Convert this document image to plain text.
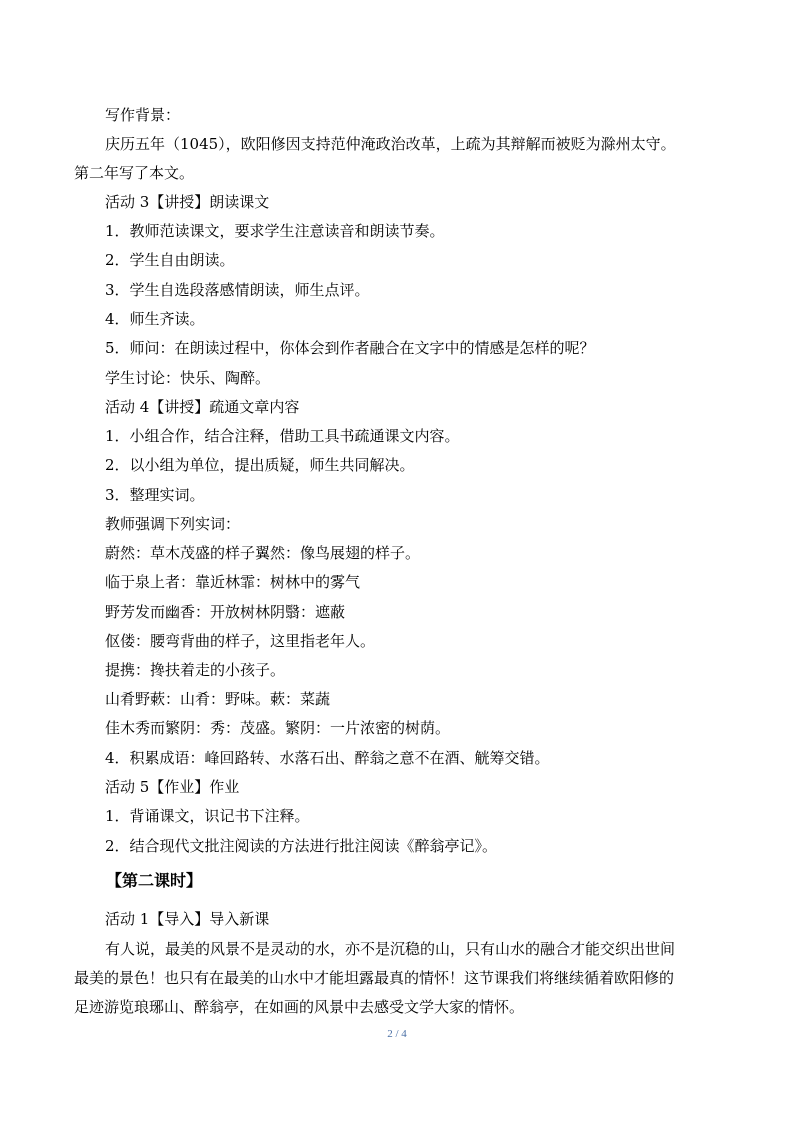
写作背景：
庆历五年（1045），欧阳修因支持范仲淹政治改革，上疏为其辩解而被贬为滁州太守。
第二年写了本文。
活动 3【讲授】朗读课文
1．教师范读课文，要求学生注意读音和朗读节奏。
2．学生自由朗读。
3．学生自选段落感情朗读，师生点评。
4．师生齐读。
5．师问：在朗读过程中，你体会到作者融合在文字中的情感是怎样的呢？
学生讨论：快乐、陶醉。
活动 4【讲授】疏通文章内容
1．小组合作，结合注释，借助工具书疏通课文内容。
2．以小组为单位，提出质疑，师生共同解决。
3．整理实词。
教师强调下列实词：
蔚然：草木茂盛的样子翼然：像鸟展翅的样子。
临于泉上者：靠近林霏：树林中的雾气
野芳发而幽香：开放树林阴翳：遮蔽
伛偻：腰弯背曲的样子，这里指老年人。
提携：搀扶着走的小孩子。
山肴野蔌：山肴：野味。蔌：菜蔬
佳木秀而繁阴：秀：茂盛。繁阴：一片浓密的树荫。
4．积累成语：峰回路转、水落石出、醉翁之意不在酒、觥筹交错。
活动 5【作业】作业
1．背诵课文，识记书下注释。
2．结合现代文批注阅读的方法进行批注阅读《醉翁亭记》。
【第二课时】
活动 1【导入】导入新课
有人说，最美的风景不是灵动的水，亦不是沉稳的山，只有山水的融合才能交织出世间
最美的景色！也只有在最美的山水中才能坦露最真的情怀！这节课我们将继续循着欧阳修的
足迹游览琅琊山、醉翁亭，在如画的风景中去感受文学大家的情怀。
2 / 4
